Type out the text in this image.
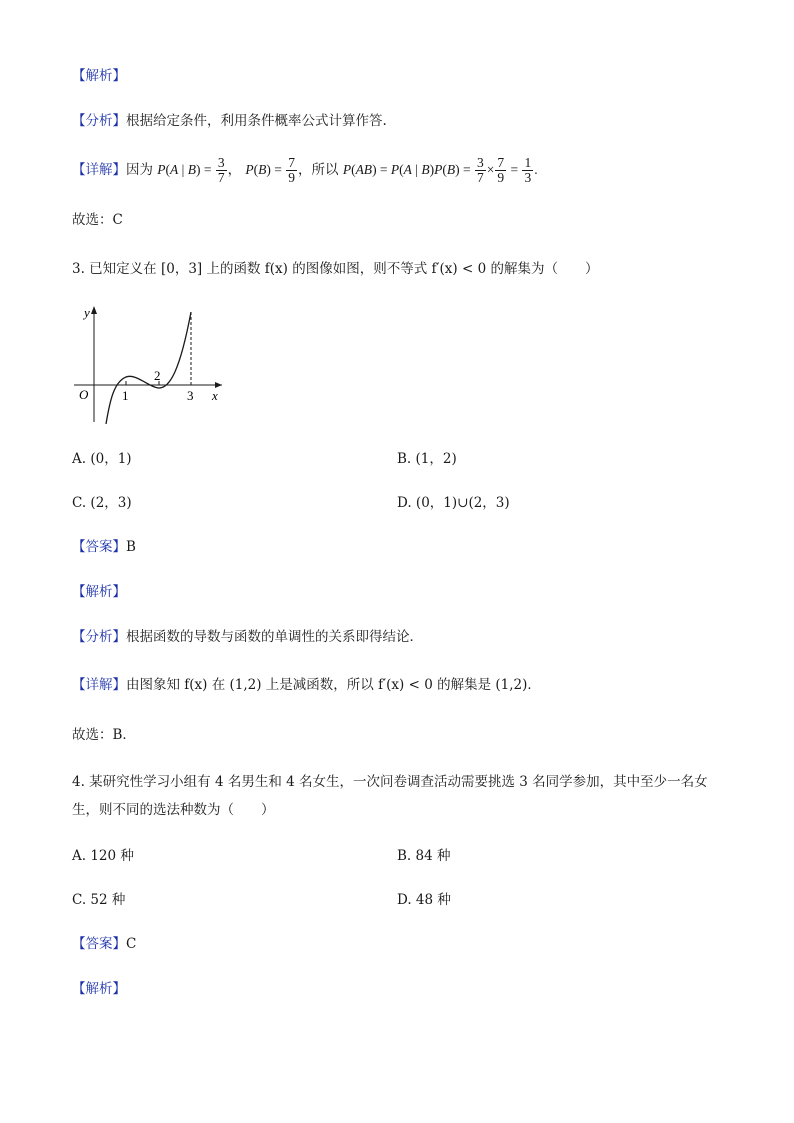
【解析】
【分析】根据给定条件，利用条件概率公式计算作答.
【详解】因为 P(A | $B) = \frac{3}{7}$ ， $P(B) = \frac{7}{9}$ ，所以 P(AB) = P(A | $B)P(B) = \frac{3}{7} \times \frac{7}{9} = \frac{1}{3}$ .
故选：C
3. 已知定义在 [0，3] 上的函数 f(x) 的图像如图，则不等式 f′(x) < 0 的解集为（　　）
y
x
O	1
2
3
A. (0，1)	B. (1，2)
C. (2，3)	D. (0，1)∪(2，3)
【答案】B
【解析】
【分析】根据函数的导数与函数的单调性的关系即得结论．
【详解】由图象知 f(x) 在 (1,2) 上是减函数，所以 f′(x) < 0 的解集是 (1,2)．
故选：B．
4. 某研究性学习小组有 4 名男生和 4 名女生，一次问卷调查活动需要挑选 3 名同学参加，其中至少一名女
生，则不同的选法种数为（　　）
A. 120 种	B. 84 种
C. 52 种	D. 48 种
【答案】C
【解析】
